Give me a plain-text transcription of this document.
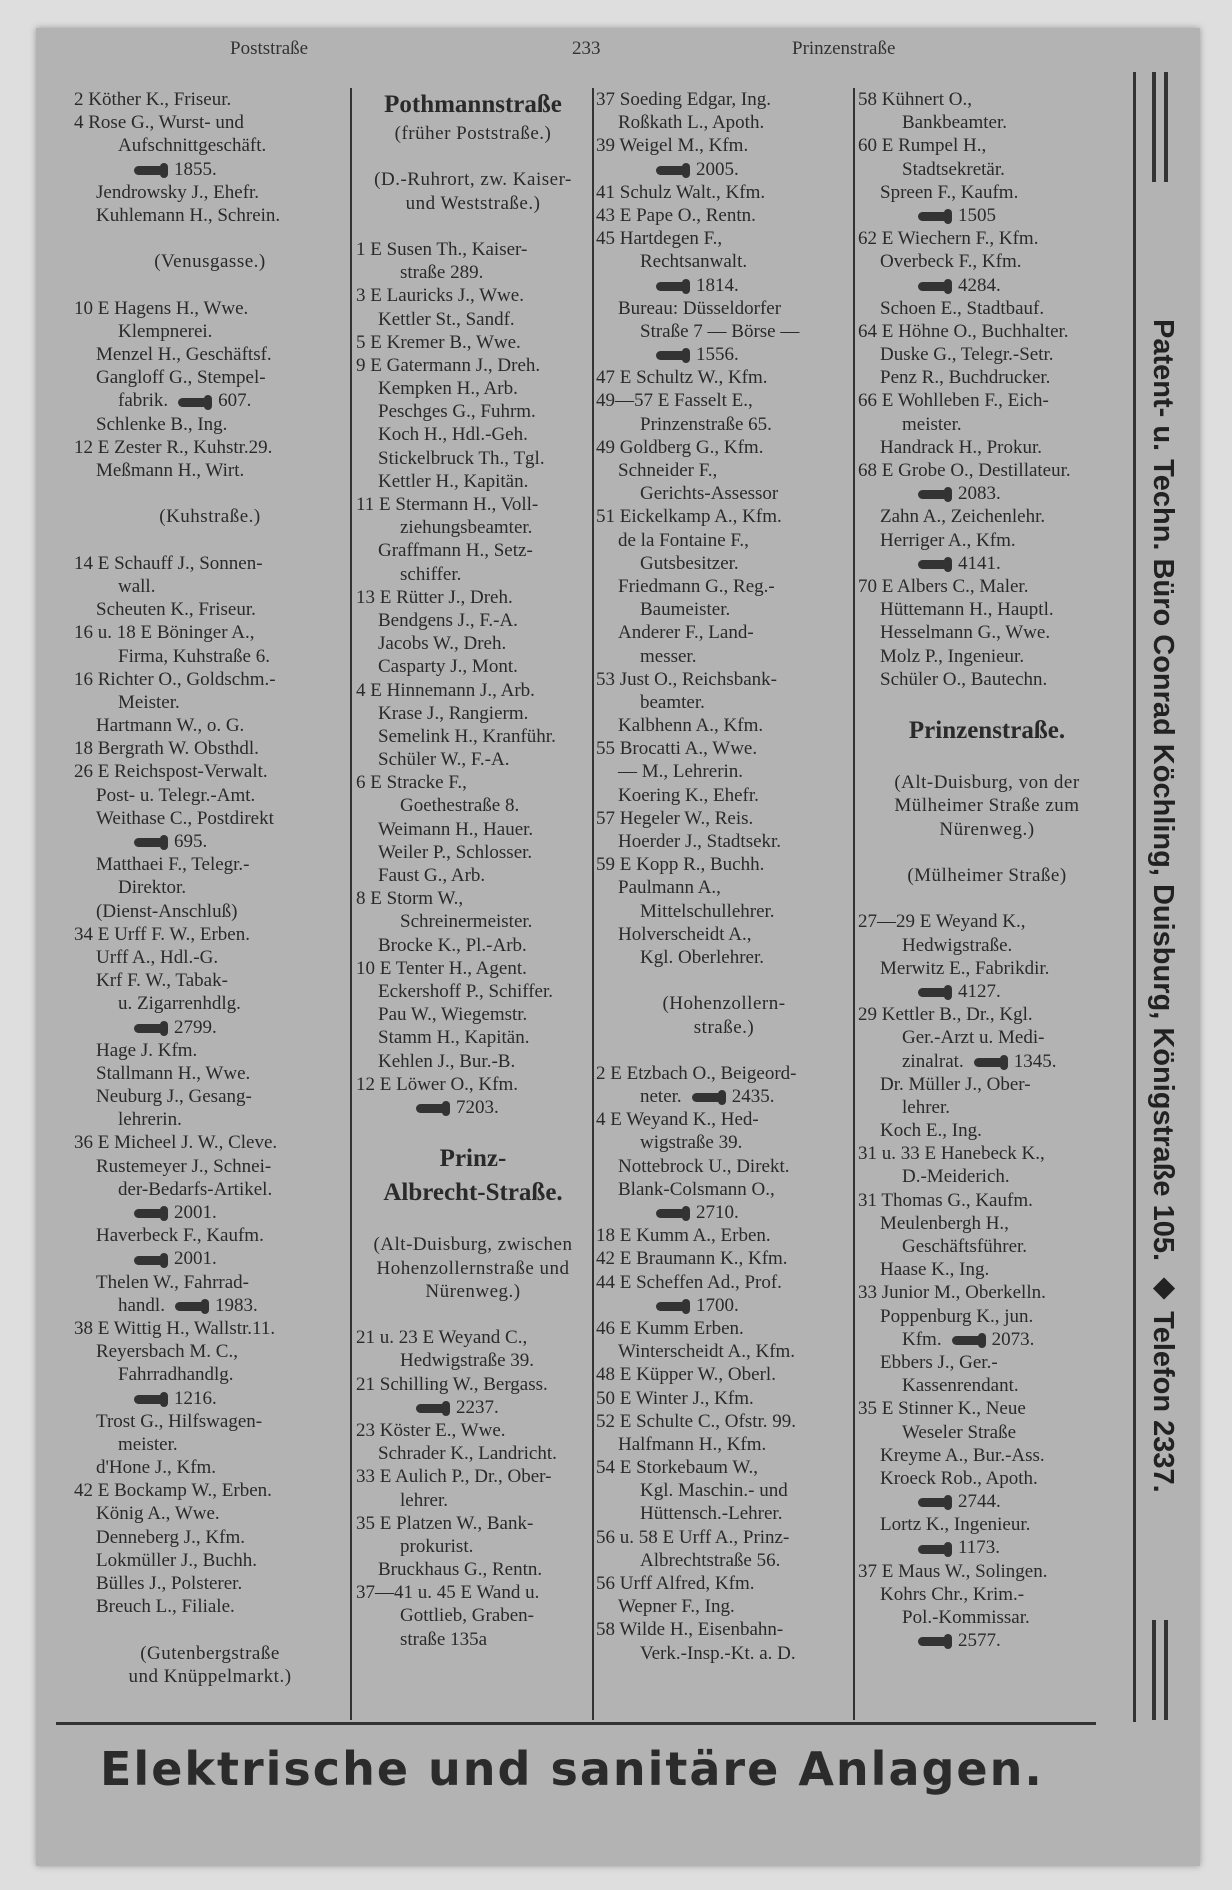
Poststraße	233	Prinzenstraße
2 Köther K., Friseur.
4 Rose G., Wurst- und
Aufschnittgeschäft.
1855.
Jendrowsky J., Ehefr.
Kuhlemann H., Schrein.
(Venusgasse.)
10 E Hagens H., Wwe.
Klempnerei.
Menzel H., Geschäftsf.
Gangloff G., Stempel-
fabrik.	607.
Schlenke B., Ing.
12 E Zester R., Kuhstr.29.
Meßmann H., Wirt.
(Kuhstraße.)
14 E Schauff J., Sonnen-
wall.
Scheuten K., Friseur.
16 u. 18 E Böninger A.,
Firma, Kuhstraße 6.
16 Richter O., Goldschm.-
Meister.
Hartmann W., o. G.
18 Bergrath W. Obsthdl.
26 E Reichspost-Verwalt.
Post- u. Telegr.-Amt.
Weithase C., Postdirekt
695.
Matthaei F., Telegr.-
Direktor.
(Dienst-Anschluß)
34 E Urff F. W., Erben.
Urff A., Hdl.-G.
Krf F. W., Tabak-
u. Zigarrenhdlg.
2799.
Hage J. Kfm.
Stallmann H., Wwe.
Neuburg J., Gesang-
lehrerin.
36 E Micheel J. W., Cleve.
Rustemeyer J., Schnei-
der-Bedarfs-Artikel.
2001.
Haverbeck F., Kaufm.
2001.
Thelen W., Fahrrad-
handl.	1983.
38 E Wittig H., Wallstr.11.
Reyersbach M. C.,
Fahrradhandlg.
1216.
Trost G., Hilfswagen-
meister.
d'Hone J., Kfm.
42 E Bockamp W., Erben.
König A., Wwe.
Denneberg J., Kfm.
Lokmüller J., Buchh.
Bülles J., Polsterer.
Breuch L., Filiale.
(Gutenbergstraße
und Knüppelmarkt.)
Pothmannstraße
(früher Poststraße.)
(D.-Ruhrort, zw. Kaiser-
und Weststraße.)
1 E Susen Th., Kaiser-
straße 289.
3 E Lauricks J., Wwe.
Kettler St., Sandf.
5 E Kremer B., Wwe.
9 E Gatermann J., Dreh.
Kempken H., Arb.
Peschges G., Fuhrm.
Koch H., Hdl.-Geh.
Stickelbruck Th., Tgl.
Kettler H., Kapitän.
11 E Stermann H., Voll-
ziehungsbeamter.
Graffmann H., Setz-
schiffer.
13 E Rütter J., Dreh.
Bendgens J., F.-A.
Jacobs W., Dreh.
Casparty J., Mont.
4 E Hinnemann J., Arb.
Krase J., Rangierm.
Semelink H., Kranführ.
Schüler W., F.-A.
6 E Stracke F.,
Goethestraße 8.
Weimann H., Hauer.
Weiler P., Schlosser.
Faust G., Arb.
8 E Storm W.,
Schreinermeister.
Brocke K., Pl.-Arb.
10 E Tenter H., Agent.
Eckershoff P., Schiffer.
Pau W., Wiegemstr.
Stamm H., Kapitän.
Kehlen J., Bur.-B.
12 E Löwer O., Kfm.
7203.
Prinz-
Albrecht-Straße.
(Alt-Duisburg, zwischen
Hohenzollernstraße und
Nürenweg.)
21 u. 23 E Weyand C.,
Hedwigstraße 39.
21 Schilling W., Bergass.
2237.
23 Köster E., Wwe.
Schrader K., Landricht.
33 E Aulich P., Dr., Ober-
lehrer.
35 E Platzen W., Bank-
prokurist.
Bruckhaus G., Rentn.
37—41 u. 45 E Wand u.
Gottlieb, Graben-
straße 135a
37 Soeding Edgar, Ing.
Roßkath L., Apoth.
39 Weigel M., Kfm.
2005.
41 Schulz Walt., Kfm.
43 E Pape O., Rentn.
45 Hartdegen F.,
Rechtsanwalt.
1814.
Bureau: Düsseldorfer
Straße 7 — Börse —
1556.
47 E Schultz W., Kfm.
49—57 E Fasselt E.,
Prinzenstraße 65.
49 Goldberg G., Kfm.
Schneider F.,
Gerichts-Assessor
51 Eickelkamp A., Kfm.
de la Fontaine F.,
Gutsbesitzer.
Friedmann G., Reg.-
Baumeister.
Anderer F., Land-
messer.
53 Just O., Reichsbank-
beamter.
Kalbhenn A., Kfm.
55 Brocatti A., Wwe.
— M., Lehrerin.
Koering K., Ehefr.
57 Hegeler W., Reis.
Hoerder J., Stadtsekr.
59 E Kopp R., Buchh.
Paulmann A.,
Mittelschullehrer.
Holverscheidt A.,
Kgl. Oberlehrer.
(Hohenzollern-
straße.)
2 E Etzbach O., Beigeord-
neter.	2435.
4 E Weyand K., Hed-
wigstraße 39.
Nottebrock U., Direkt.
Blank-Colsmann O.,
2710.
18 E Kumm A., Erben.
42 E Braumann K., Kfm.
44 E Scheffen Ad., Prof.
1700.
46 E Kumm Erben.
Winterscheidt A., Kfm.
48 E Küpper W., Oberl.
50 E Winter J., Kfm.
52 E Schulte C., Ofstr. 99.
Halfmann H., Kfm.
54 E Storkebaum W.,
Kgl. Maschin.- und
Hüttensch.-Lehrer.
56 u. 58 E Urff A., Prinz-
Albrechtstraße 56.
56 Urff Alfred, Kfm.
Wepner F., Ing.
58 Wilde H., Eisenbahn-
Verk.-Insp.-Kt. a. D.
58 Kühnert O.,
Bankbeamter.
60 E Rumpel H.,
Stadtsekretär.
Spreen F., Kaufm.
1505
62 E Wiechern F., Kfm.
Overbeck F., Kfm.
4284.
Schoen E., Stadtbauf.
64 E Höhne O., Buchhalter.
Duske G., Telegr.-Setr.
Penz R., Buchdrucker.
66 E Wohlleben F., Eich-
meister.
Handrack H., Prokur.
68 E Grobe O., Destillateur.
2083.
Zahn A., Zeichenlehr.
Herriger A., Kfm.
4141.
70 E Albers C., Maler.
Hüttemann H., Hauptl.
Hesselmann G., Wwe.
Molz P., Ingenieur.
Schüler O., Bautechn.
Prinzenstraße.
(Alt-Duisburg, von der
Mülheimer Straße zum
Nürenweg.)
(Mülheimer Straße)
27—29 E Weyand K.,
Hedwigstraße.
Merwitz E., Fabrikdir.
4127.
29 Kettler B., Dr., Kgl.
Ger.-Arzt u. Medi-
zinalrat.	1345.
Dr. Müller J., Ober-
lehrer.
Koch E., Ing.
31 u. 33 E Hanebeck K.,
D.-Meiderich.
31 Thomas G., Kaufm.
Meulenbergh H.,
Geschäftsführer.
Haase K., Ing.
33 Junior M., Oberkelln.
Poppenburg K., jun.
Kfm.	2073.
Ebbers J., Ger.-
Kassenrendant.
35 E Stinner K., Neue
Weseler Straße
Kreyme A., Bur.-Ass.
Kroeck Rob., Apoth.
2744.
Lortz K., Ingenieur.
1173.
37 E Maus W., Solingen.
Kohrs Chr., Krim.-
Pol.-Kommissar.
2577.
Patent- u. Techn. Büro Conrad Köchling, Duisburg, Königstraße 105. ◆ Telefon 2337.
Elektrische und sanitäre Anlagen.
